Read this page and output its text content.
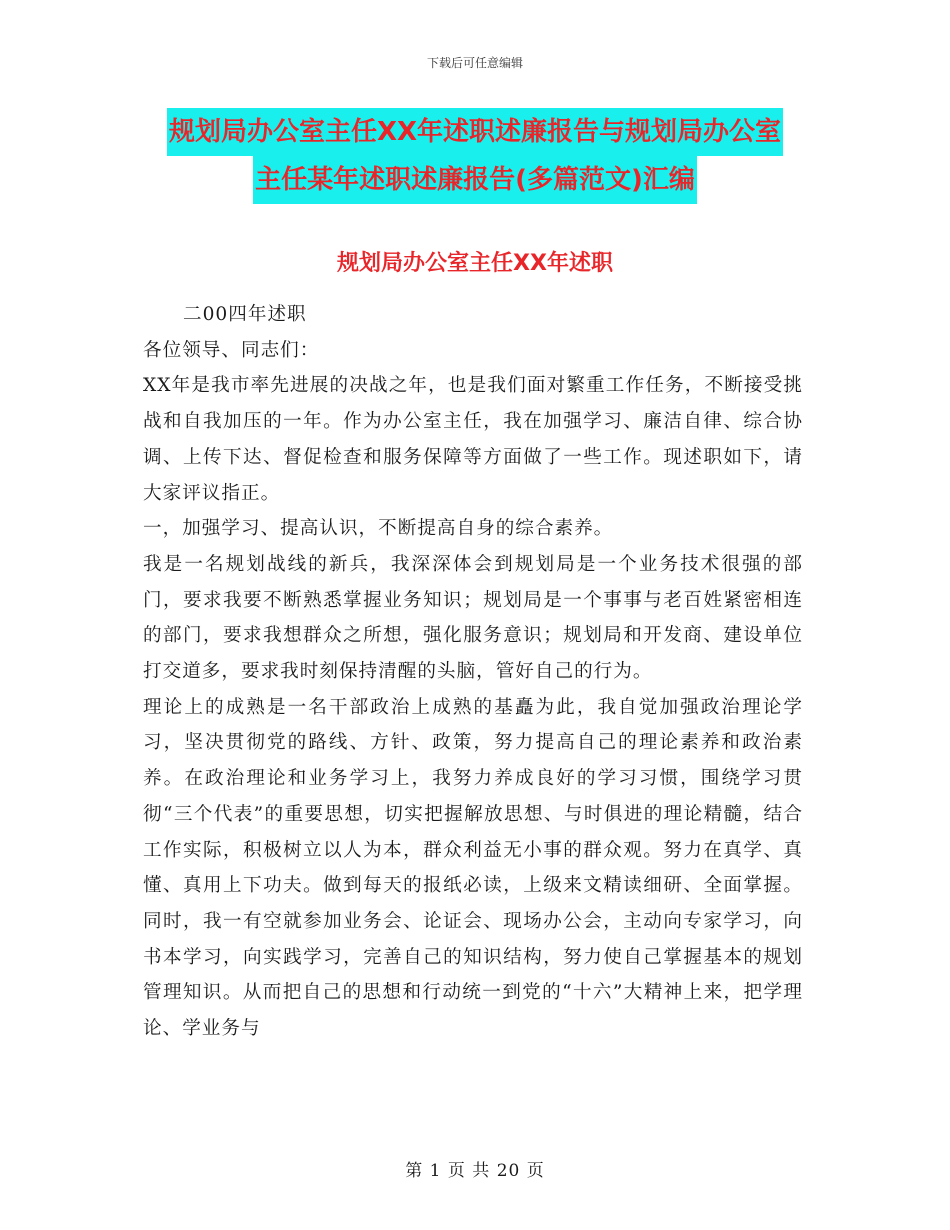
下载后可任意编辑
规划局办公室主任XX年述职述廉报告与规划局办公室
主任某年述职述廉报告(多篇范文)汇编
规划局办公室主任XX年述职

二00四年述职

各位领导、同志们：

XX年是我市率先进展的决战之年，也是我们面对繁重工作任务，不断接受挑战和自我加压的一年。作为办公室主任，我在加强学习、廉洁自律、综合协调、上传下达、督促检查和服务保障等方面做了一些工作。现述职如下，请大家评议指正。

一，加强学习、提高认识，不断提高自身的综合素养。

我是一名规划战线的新兵，我深深体会到规划局是一个业务技术很强的部门，要求我要不断熟悉掌握业务知识；规划局是一个事事与老百姓紧密相连的部门，要求我想群众之所想，强化服务意识；规划局和开发商、建设单位打交道多，要求我时刻保持清醒的头脑，管好自己的行为。

理论上的成熟是一名干部政治上成熟的基矗为此，我自觉加强政治理论学习，坚决贯彻党的路线、方针、政策，努力提高自己的理论素养和政治素养。在政治理论和业务学习上，我努力养成良好的学习习惯，围绕学习贯彻“三个代表”的重要思想，切实把握解放思想、与时俱进的理论精髓，结合工作实际，积极树立以人为本，群众利益无小事的群众观。努力在真学、真懂、真用上下功夫。做到每天的报纸必读，上级来文精读细研、全面掌握。同时，我一有空就参加业务会、论证会、现场办公会，主动向专家学习，向书本学习，向实践学习，完善自己的知识结构，努力使自己掌握基本的规划管理知识。从而把自己的思想和行动统一到党的“十六”大精神上来，把学理论、学业务与

第 1 页 共 20 页
